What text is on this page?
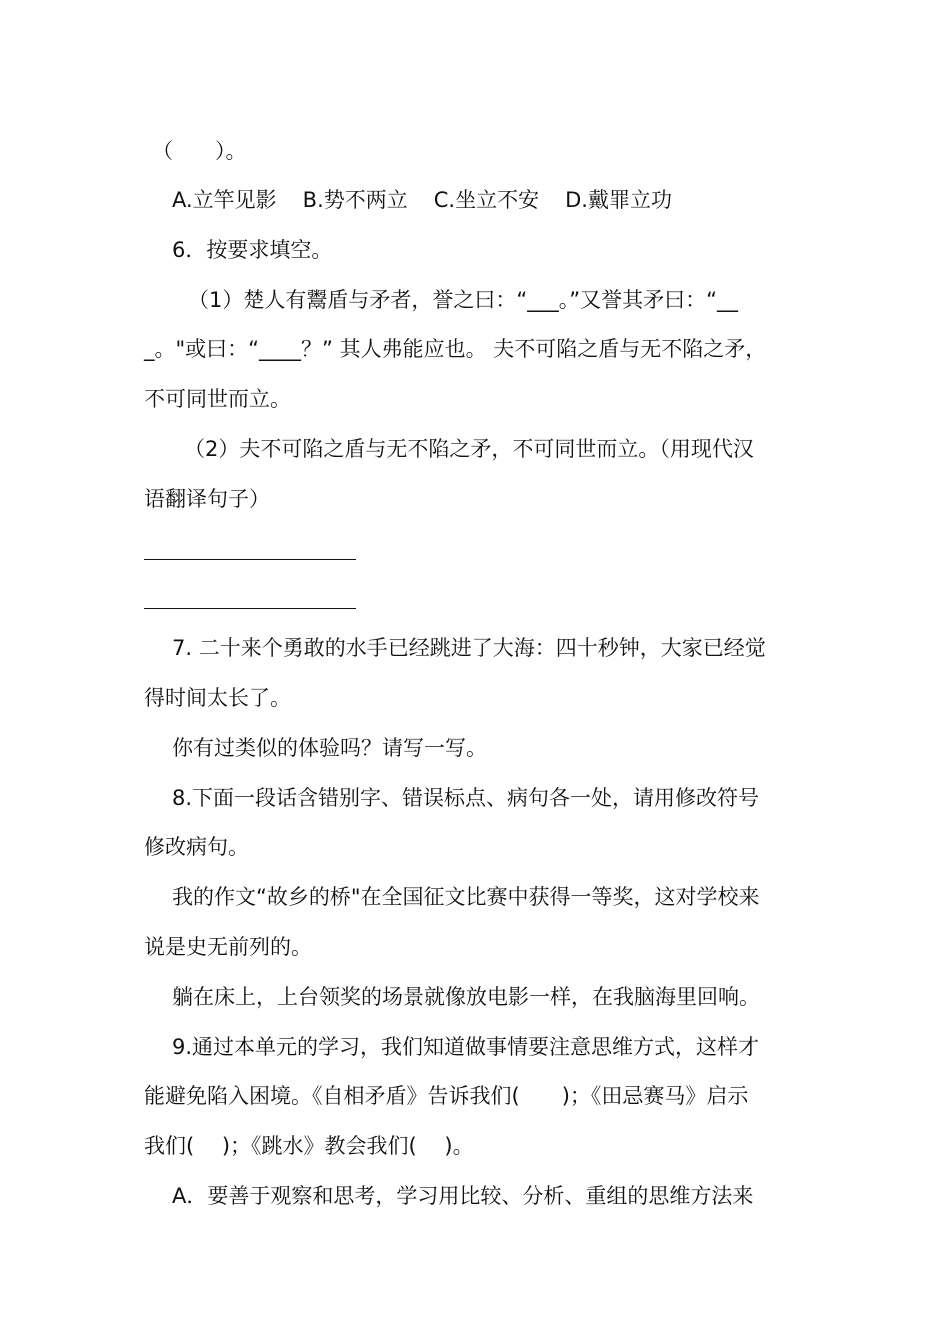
（　　）。
A.立竿见影 B.势不两立 C.坐立不安 D.戴罪立功
6．按要求填空。
（1）楚人有鬻盾与矛者，誉之曰：“___。”又誉其矛曰：“__
_。"或曰：“____？” 其人弗能应也。 夫不可陷之盾与无不陷之矛，
不可同世而立。
（2）夫不可陷之盾与无不陷之矛，不可同世而立。（用现代汉
语翻译句子）
7. 二十来个勇敢的水手已经跳进了大海：四十秒钟，大家已经觉
得时间太长了。
你有过类似的体验吗？请写一写。
8.下面一段话含错别字、错误标点、病句各一处，请用修改符号
修改病句。
我的作文“故乡的桥"在全国征文比赛中获得一等奖，这对学校来
说是史无前列的。
躺在床上，上台领奖的场景就像放电影一样，在我脑海里回响。
9.通过本单元的学习，我们知道做事情要注意思维方式，这样才
能避免陷入困境。《自相矛盾》告诉我们(　　)；《田忌赛马》启示
我们(　 )；《跳水》教会我们(　 )。
A．要善于观察和思考，学习用比较、分析、重组的思维方法来
